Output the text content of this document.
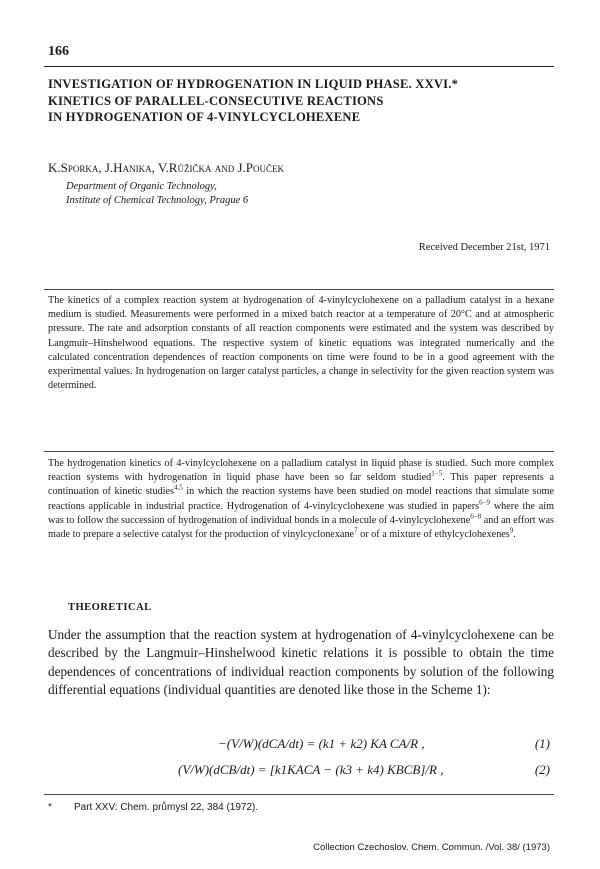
166
INVESTIGATION OF HYDROGENATION IN LIQUID PHASE. XXVI.*
KINETICS OF PARALLEL-CONSECUTIVE REACTIONS
IN HYDROGENATION OF 4-VINYLCYCLOHEXENE
K.Sporka, J.Hanika, V.Růžička and J.Pouček
Department of Organic Technology,
Institute of Chemical Technology, Prague 6
Received December 21st, 1971
The kinetics of a complex reaction system at hydrogenation of 4-vinylcyclohexene on a palladium catalyst in a hexane medium is studied. Measurements were performed in a mixed batch reactor at a temperature of 20°C and at atmospheric pressure. The rate and adsorption constants of all reaction components were estimated and the system was described by Langmuir–Hinshelwood equations. The respective system of kinetic equations was integrated numerically and the calculated concentration dependences of reaction components on time were found to be in a good agreement with the experimental values. In hydrogenation on larger catalyst particles, a change in selectivity for the given reaction system was determined.
The hydrogenation kinetics of 4-vinylcyclohexene on a palladium catalyst in liquid phase is studied. Such more complex reaction systems with hydrogenation in liquid phase have been so far seldom studied$^{1-5}$. This paper represents a continuation of kinetic studies$^{4,5}$ in which the reaction systems have been studied on model reactions that simulate some reactions applicable in industrial practice. Hydrogenation of 4-vinylcyclohexene was studied in papers$^{6-9}$ where the aim was to follow the succession of hydrogenation of individual bonds in a molecule of 4-vinylcyclohexene$^{6-8}$ and an effort was made to prepare a selective catalyst for the production of vinylcyclonexane$^7$ or of a mixture of ethylcyclohexenes$^9$.
THEORETICAL
Under the assumption that the reaction system at hydrogenation of 4-vinylcyclohexene can be described by the Langmuir–Hinshelwood kinetic relations it is possible to obtain the time dependences of concentrations of individual reaction components by solution of the following differential equations (individual quantities are denoted like those in the Scheme 1):
−(V/W)(dCA/dt) = (k1 + k2) KA CA/R ,	(1)
(V/W)(dCB/dt) = [k1KACA − (k3 + k4) KBCB]/R ,	(2)
* Part XXV: Chem. průmysl 22, 384 (1972).
Collection Czechoslov. Chem. Commun. /Vol. 38/ (1973)
